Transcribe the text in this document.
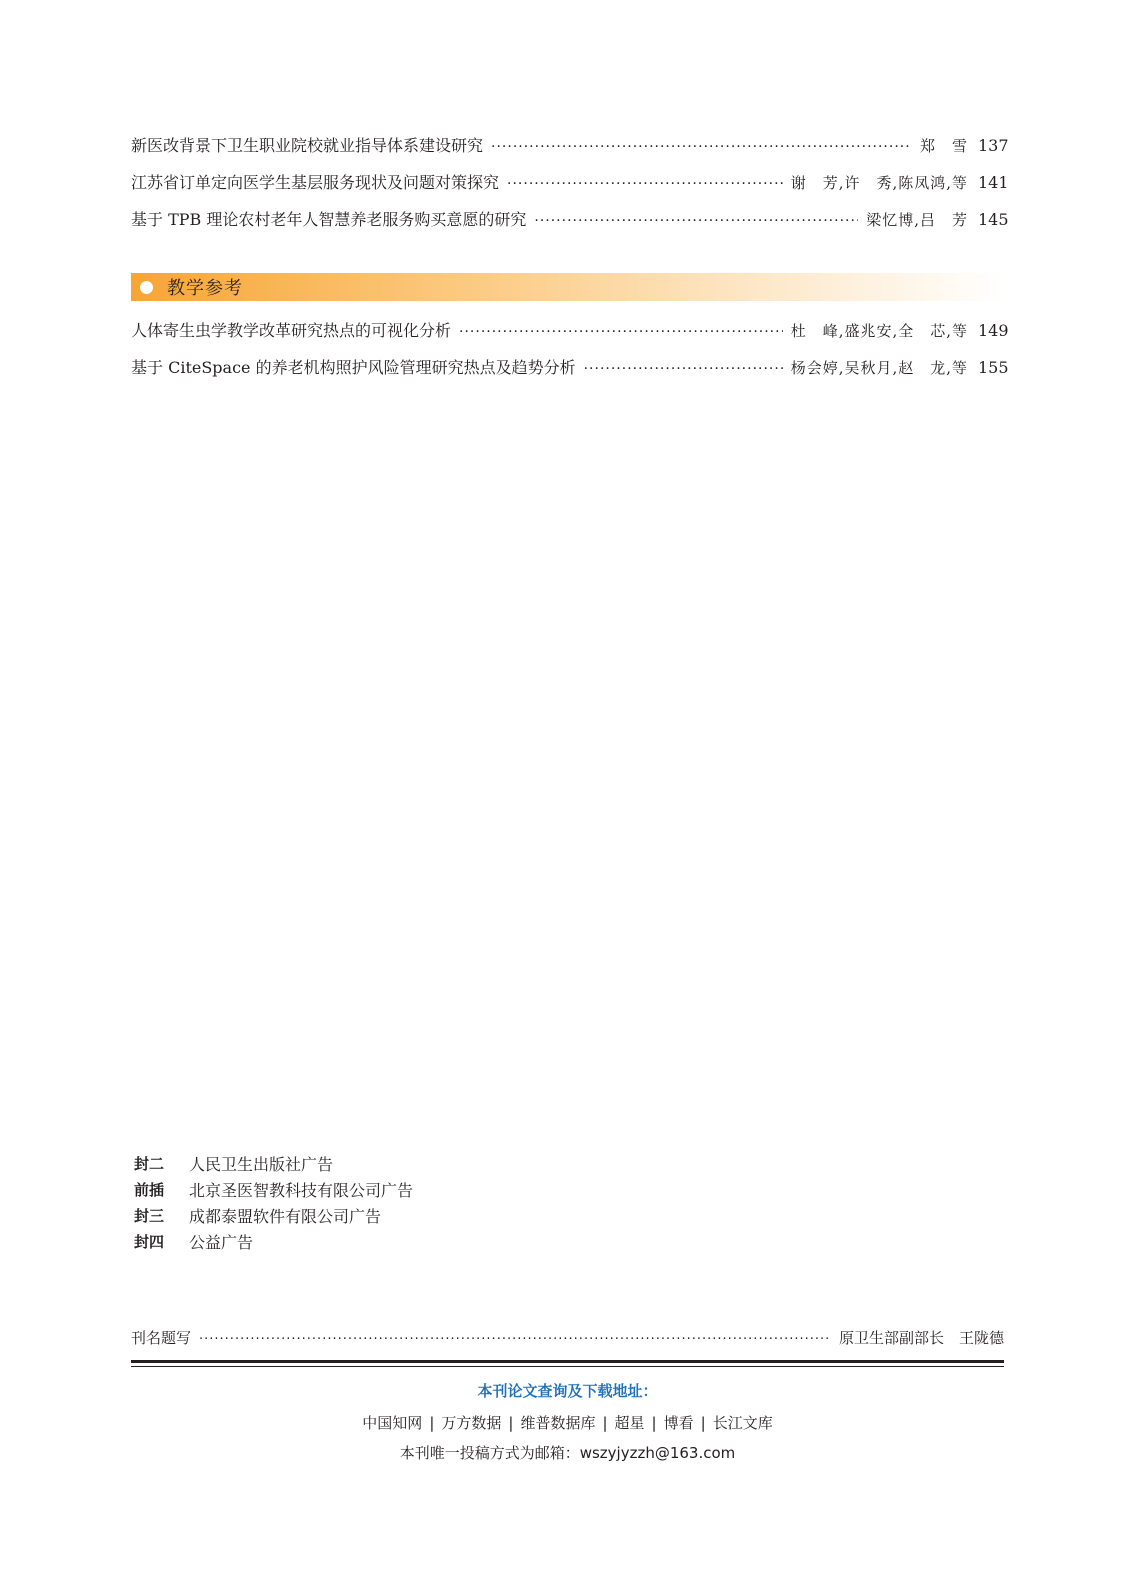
新医改背景下卫生职业院校就业指导体系建设研究 ·····	郑　雪 137
江苏省订单定向医学生基层服务现状及问题对策探究 ·····	谢　芳,许　秀,陈凤鸿,等 141
基于 TPB 理论农村老年人智慧养老服务购买意愿的研究 ·····	梁忆博,吕　芳 145
教学参考
人体寄生虫学教学改革研究热点的可视化分析 ·····	杜　峰,盛兆安,全　芯,等 149
基于 CiteSpace 的养老机构照护风险管理研究热点及趋势分析 ·····	杨会婷,吴秋月,赵　龙,等 155
封二	人民卫生出版社广告
前插	北京圣医智教科技有限公司广告
封三	成都泰盟软件有限公司广告
封四	公益广告
刊名题写 ·····	原卫生部副部长　王陇德
本刊论文查询及下载地址：
中国知网 | 万方数据 | 维普数据库 | 超星 | 博看 | 长江文库
本刊唯一投稿方式为邮箱：wszyjyzzh@163.com
